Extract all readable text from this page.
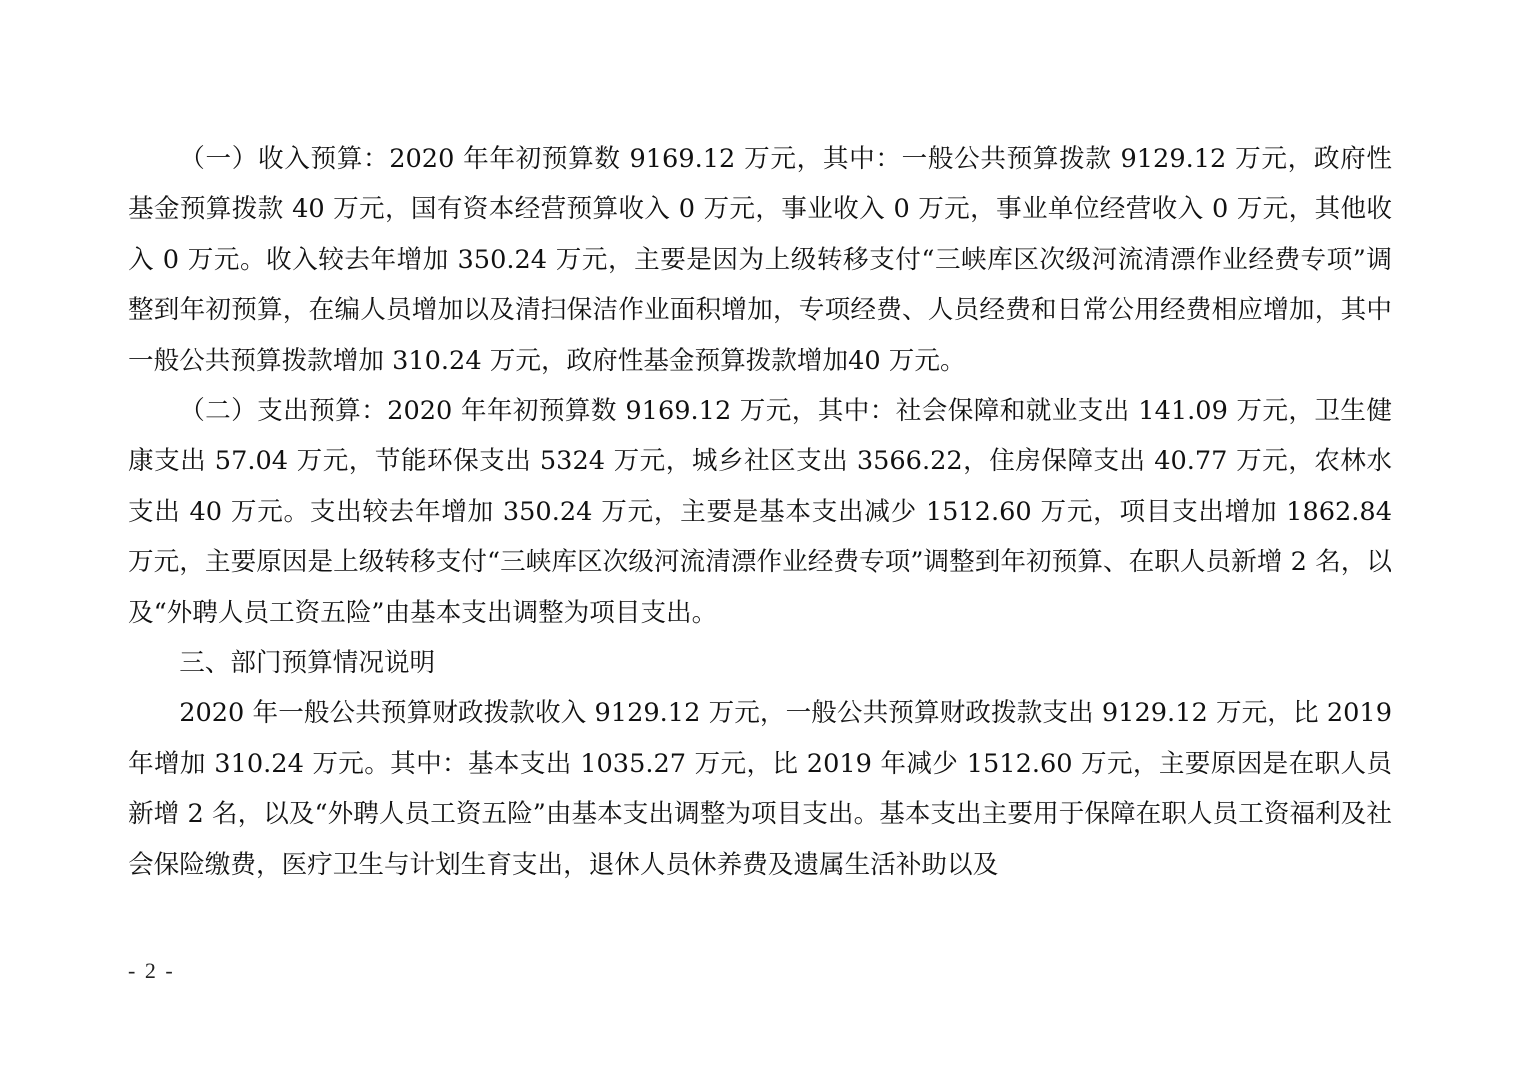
（一）收入预算：2020 年年初预算数 9169.12 万元，其中：一般公共预算拨款 9129.12 万元，政府性基金预算拨款 40 万元，国有资本经营预算收入 0 万元，事业收入 0 万元，事业单位经营收入 0 万元，其他收入 0 万元。收入较去年增加 350.24 万元，主要是因为上级转移支付“三峡库区次级河流清漂作业经费专项”调整到年初预算，在编人员增加以及清扫保洁作业面积增加，专项经费、人员经费和日常公用经费相应增加，其中一般公共预算拨款增加 310.24 万元，政府性基金预算拨款增加40 万元。

（二）支出预算：2020 年年初预算数 9169.12 万元，其中：社会保障和就业支出 141.09 万元，卫生健康支出 57.04 万元，节能环保支出 5324 万元，城乡社区支出 3566.22，住房保障支出 40.77 万元，农林水支出 40 万元。支出较去年增加 350.24 万元，主要是基本支出减少 1512.60 万元，项目支出增加 1862.84 万元，主要原因是上级转移支付“三峡库区次级河流清漂作业经费专项”调整到年初预算、在职人员新增 2 名，以及“外聘人员工资五险”由基本支出调整为项目支出。

三、部门预算情况说明

2020 年一般公共预算财政拨款收入 9129.12 万元，一般公共预算财政拨款支出 9129.12 万元，比 2019 年增加 310.24 万元。其中：基本支出 1035.27 万元，比 2019 年减少 1512.60 万元，主要原因是在职人员新增 2 名，以及“外聘人员工资五险”由基本支出调整为项目支出。基本支出主要用于保障在职人员工资福利及社会保险缴费，医疗卫生与计划生育支出，退休人员休养费及遗属生活补助以及

- 2 -
